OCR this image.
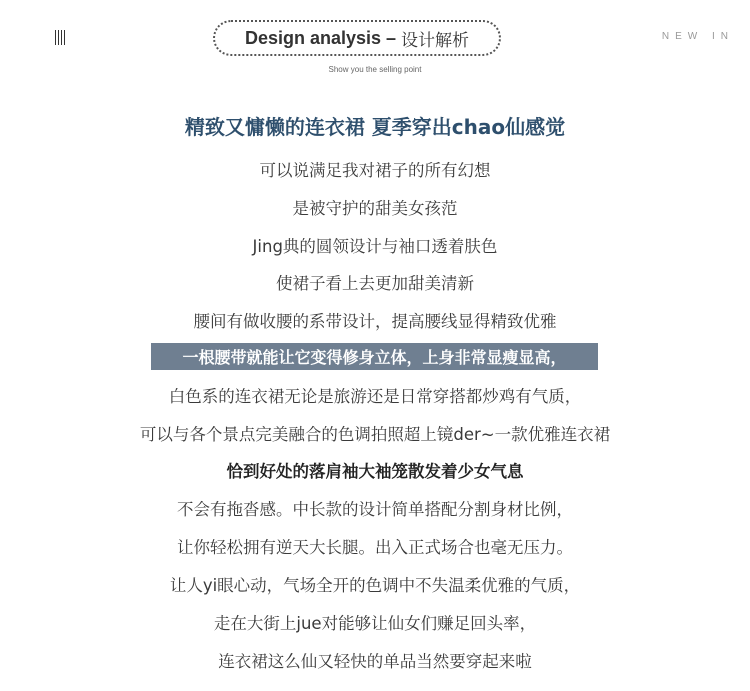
Design analysis – 设计解析
Show you the selling point
NEW IN
精致又慵懒的连衣裙 夏季穿出chao仙感觉
可以说满足我对裙子的所有幻想
是被守护的甜美女孩范
Jing典的圆领设计与袖口透着肤色
使裙子看上去更加甜美清新
腰间有做收腰的系带设计，提高腰线显得精致优雅
一根腰带就能让它变得修身立体，上身非常显瘦显高，
白色系的连衣裙无论是旅游还是日常穿搭都炒鸡有气质，
可以与各个景点完美融合的色调拍照超上镜der~一款优雅连衣裙
恰到好处的落肩袖大袖笼散发着少女气息
不会有拖沓感。中长款的设计简单搭配分割身材比例，
让你轻松拥有逆天大长腿。出入正式场合也毫无压力。
让人yi眼心动，气场全开的色调中不失温柔优雅的气质，
走在大街上jue对能够让仙女们赚足回头率，
连衣裙这么仙又轻快的单品当然要穿起来啦
